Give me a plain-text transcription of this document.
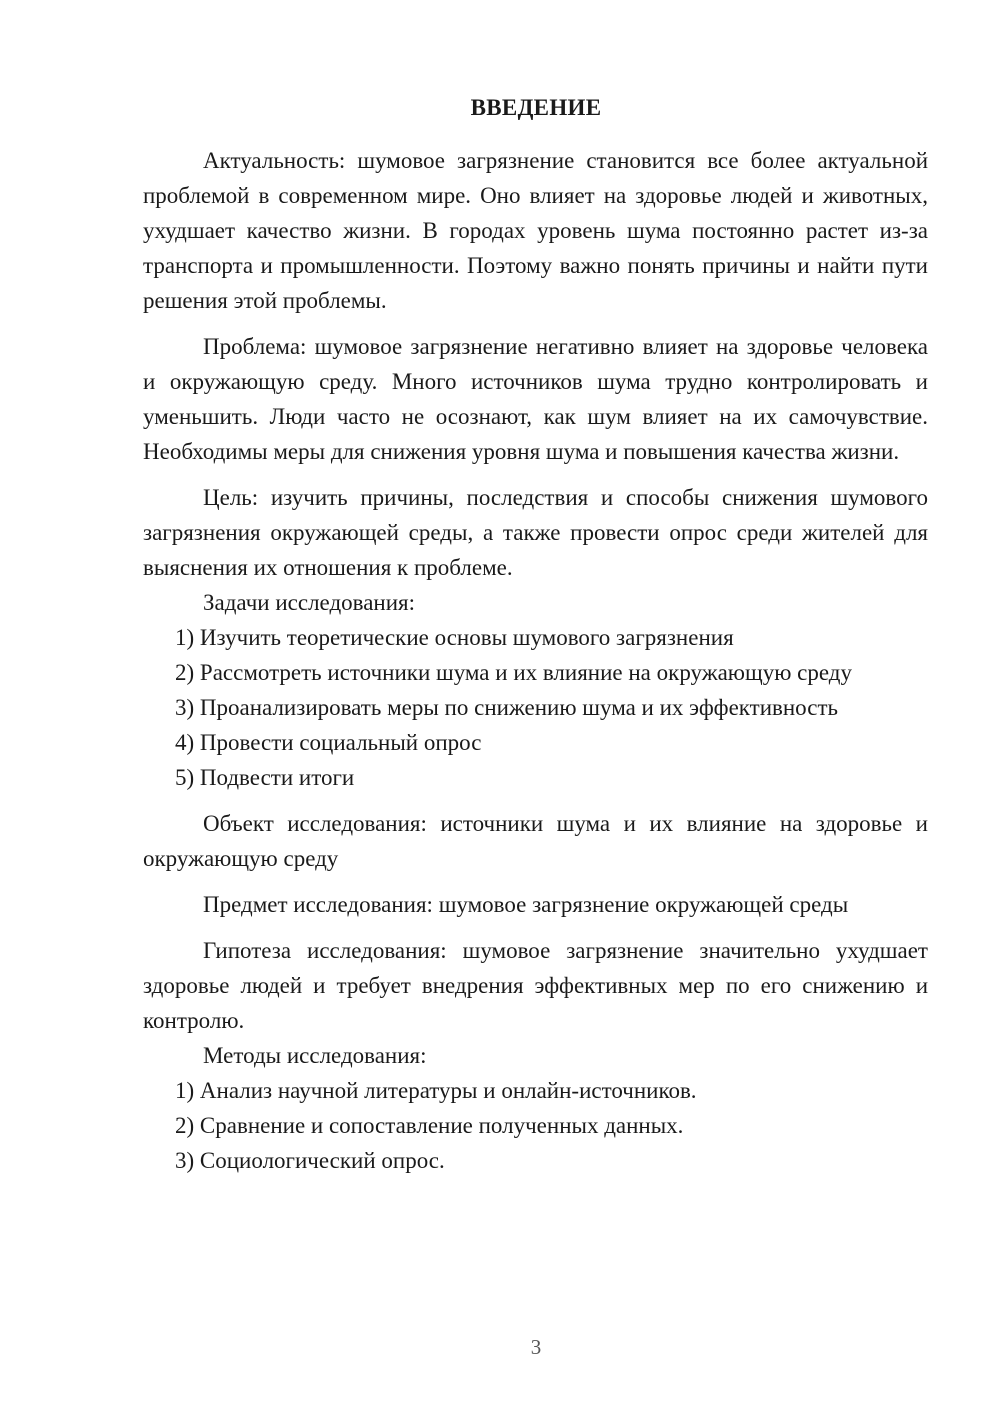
ВВЕДЕНИЕ

Актуальность: шумовое загрязнение становится все более актуальной проблемой в современном мире. Оно влияет на здоровье людей и животных, ухудшает качество жизни. В городах уровень шума постоянно растет из-за транспорта и промышленности. Поэтому важно понять причины и найти пути решения этой проблемы.

Проблема: шумовое загрязнение негативно влияет на здоровье человека и окружающую среду. Много источников шума трудно контролировать и уменьшить. Люди часто не осознают, как шум влияет на их самочувствие. Необходимы меры для снижения уровня шума и повышения качества жизни.

Цель: изучить причины, последствия и способы снижения шумового загрязнения окружающей среды, а также провести опрос среди жителей для выяснения их отношения к проблеме.

Задачи исследования:

1) Изучить теоретические основы шумового загрязнения

2) Рассмотреть источники шума и их влияние на окружающую среду

3) Проанализировать меры по снижению шума и их эффективность

4) Провести социальный опрос

5) Подвести итоги

Объект исследования: источники шума и их влияние на здоровье и окружающую среду

Предмет исследования: шумовое загрязнение окружающей среды

Гипотеза исследования: шумовое загрязнение значительно ухудшает здоровье людей и требует внедрения эффективных мер по его снижению и контролю.

Методы исследования:

1) Анализ научной литературы и онлайн-источников.

2) Сравнение и сопоставление полученных данных.

3) Социологический опрос.

3
